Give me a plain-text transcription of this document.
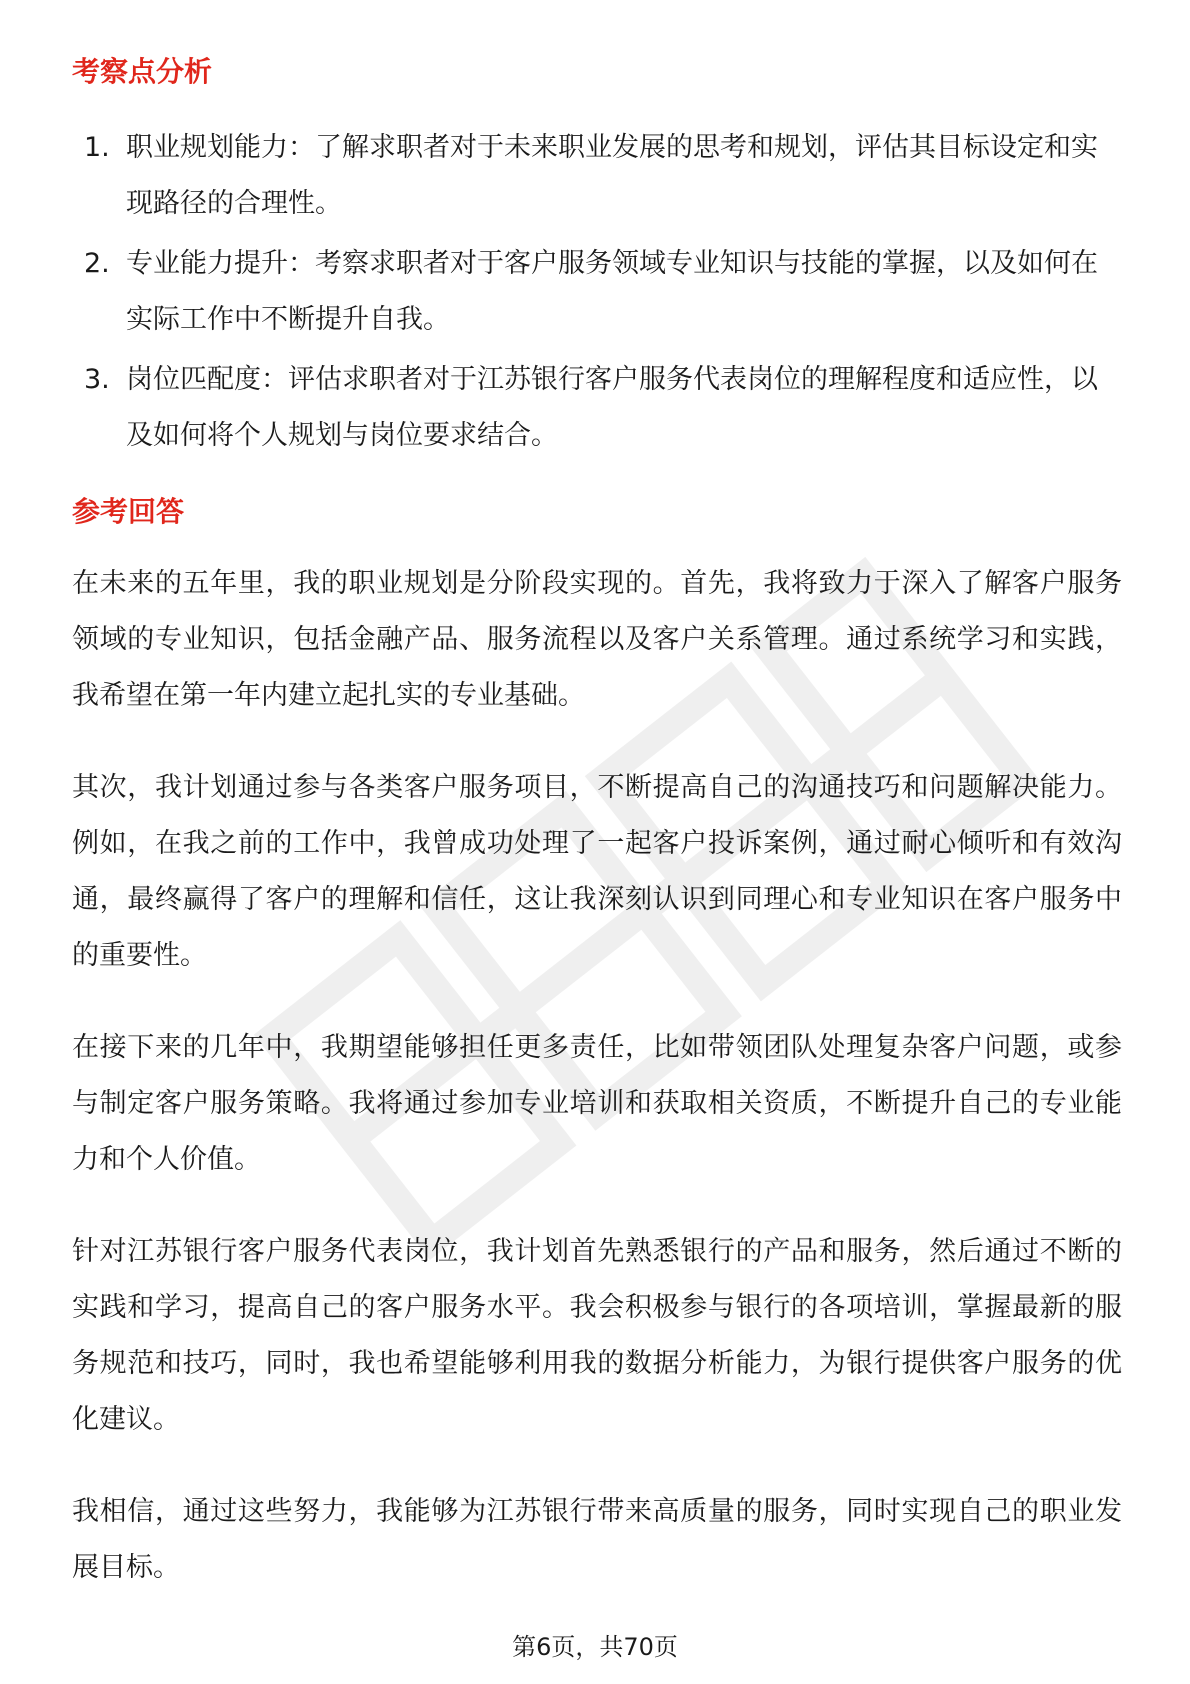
考察点分析
1. 职业规划能力：了解求职者对于未来职业发展的思考和规划，评估其目标设定和实现路径的合理性。
2. 专业能力提升：考察求职者对于客户服务领域专业知识与技能的掌握，以及如何在实际工作中不断提升自我。
3. 岗位匹配度：评估求职者对于江苏银行客户服务代表岗位的理解程度和适应性，以及如何将个人规划与岗位要求结合。
参考回答

在未来的五年里，我的职业规划是分阶段实现的。首先，我将致力于深入了解客户服务领域的专业知识，包括金融产品、服务流程以及客户关系管理。通过系统学习和实践，我希望在第一年内建立起扎实的专业基础。

其次，我计划通过参与各类客户服务项目，不断提高自己的沟通技巧和问题解决能力。例如，在我之前的工作中，我曾成功处理了一起客户投诉案例，通过耐心倾听和有效沟通，最终赢得了客户的理解和信任，这让我深刻认识到同理心和专业知识在客户服务中的重要性。

在接下来的几年中，我期望能够担任更多责任，比如带领团队处理复杂客户问题，或参与制定客户服务策略。我将通过参加专业培训和获取相关资质，不断提升自己的专业能力和个人价值。

针对江苏银行客户服务代表岗位，我计划首先熟悉银行的产品和服务，然后通过不断的实践和学习，提高自己的客户服务水平。我会积极参与银行的各项培训，掌握最新的服务规范和技巧，同时，我也希望能够利用我的数据分析能力，为银行提供客户服务的优化建议。

我相信，通过这些努力，我能够为江苏银行带来高质量的服务，同时实现自己的职业发展目标。

第6页，共70页
